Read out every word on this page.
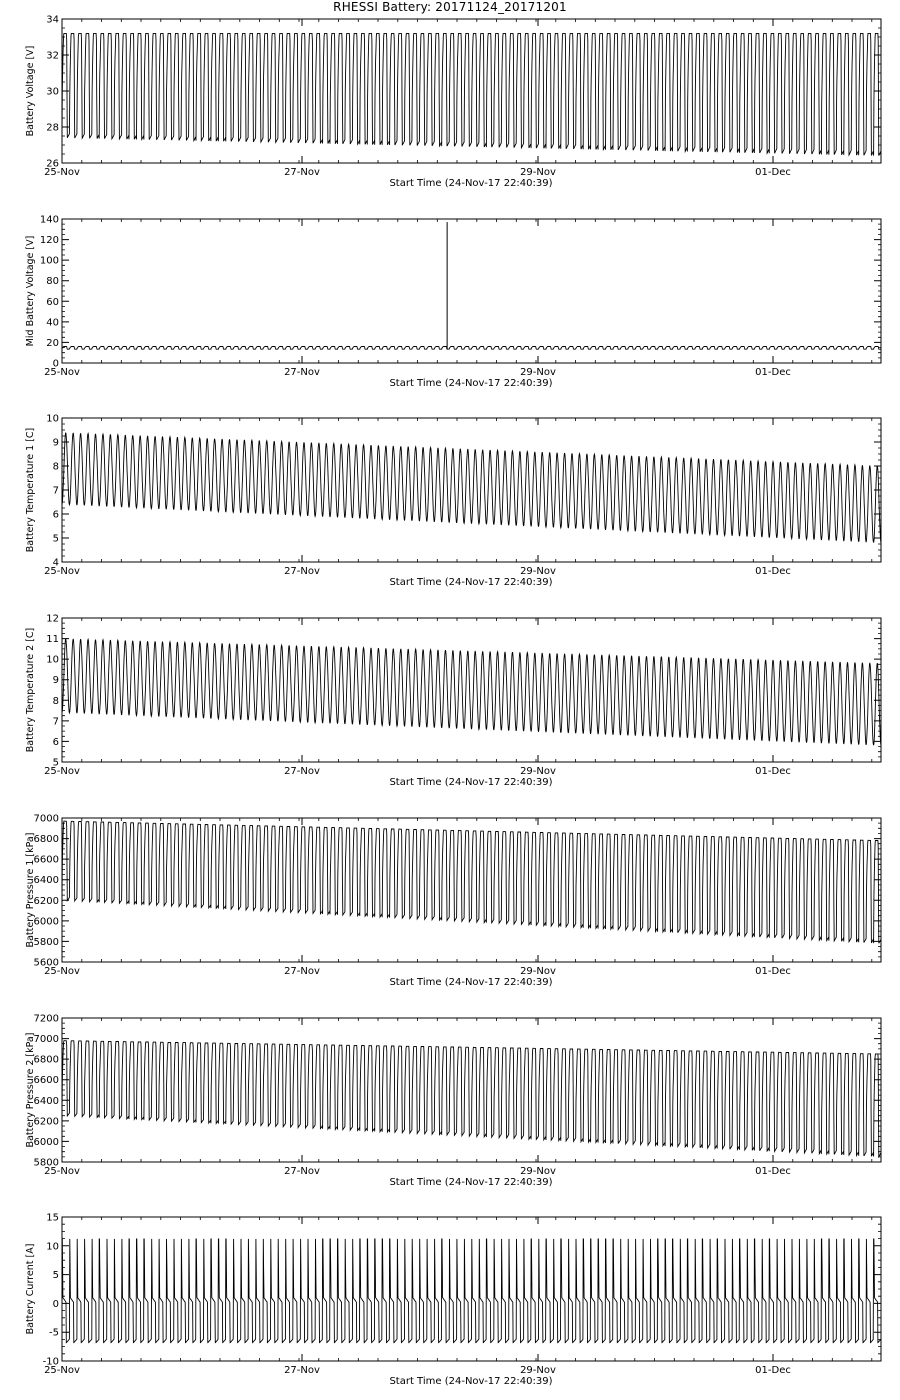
RHESSI Battery: 20171124_20171201
25-Nov	27-Nov	29-Nov	01-Dec
26
28
30
32
34
Battery Voltage [V]
Start Time (24-Nov-17 22:40:39)
25-Nov	27-Nov	29-Nov	01-Dec
0
20
40
60
80
100
120
140
Mid Battery Voltage [V]
Start Time (24-Nov-17 22:40:39)
25-Nov	27-Nov	29-Nov	01-Dec
4
5
6
7
8
9
10
Battery Temperature 1 [C]
Start Time (24-Nov-17 22:40:39)
25-Nov	27-Nov	29-Nov	01-Dec
5
6
7
8
9
10
11
12
Battery Temperature 2 [C]
Start Time (24-Nov-17 22:40:39)
25-Nov	27-Nov	29-Nov	01-Dec
5600
5800
6000
6200
6400
6600
6800
7000
Battery Pressure 1 [kPa]
Start Time (24-Nov-17 22:40:39)
25-Nov	27-Nov	29-Nov	01-Dec
5800
6000
6200
6400
6600
6800
7000
7200
Battery Pressure 2 [kPa]
Start Time (24-Nov-17 22:40:39)
25-Nov	27-Nov	29-Nov	01-Dec
-10
-5
0
5
10
15
Battery Current [A]
Start Time (24-Nov-17 22:40:39)
